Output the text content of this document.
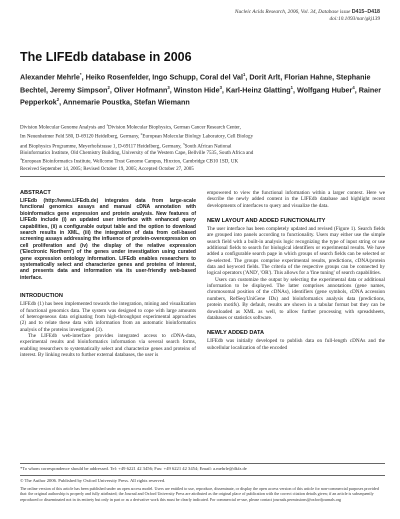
Nucleic Acids Research, 2006, Vol. 34, Database issue D415–D418
doi:10.1093/nar/gkj139
The LIFEdb database in 2006
Alexander Mehrle*, Heiko Rosenfelder, Ingo Schupp, Coral del Val$^1$, Dorit Arlt, Florian Hahne, Stephanie Bechtel, Jeremy Simpson$^2$, Oliver Hofmann$^3$, Winston Hide$^3$, Karl-Heinz Glatting$^1$, Wolfgang Huber$^4$, Rainer Pepperkok$^2$, Annemarie Poustka, Stefan Wiemann
Division Molecular Genome Analysis and $^1$Division Molecular Biophysics, German Cancer Research Center,
Im Neuenheimer Feld 580, D-69120 Heidelberg, Germany, $^2$European Molecular Biology Laboratory, Cell Biology
and Biophysics Programme, Meyerhofstrasse 1, D-69117 Heidelberg, Germany, $^3$South African National
Bioinformatics Institute, Old Chemistry Building, University of the Western Cape, Bellville 7535, South Africa and
$^4$European Bioinformatics Institute, Wellcome Trust Genome Campus, Hinxton, Cambridge CB10 1SD, UK
Received September 14, 2005; Revised October 19, 2005; Accepted October 27, 2005
ABSTRACT
LIFEdb (http://www.LIFEdb.de) integrates data from large-scale functional genomics assays and manual cDNA annotation with bioinformatics gene expression and protein analysis. New features of LIFEdb include (i) an updated user interface with enhanced query capabilities, (ii) a configurable output table and the option to download search results in XML, (iii) the integration of data from cell-based screening assays addressing the influence of protein-overexpression on cell proliferation and (iv) the display of the relative expression ('Electronic Northern') of the genes under investigation using curated gene expression ontology information. LIFEdb enables researchers to systematically select and characterize genes and proteins of interest, and presents data and information via its user-friendly web-based interface.
INTRODUCTION
LIFEdb (1) has been implemented towards the integration, mining and visualization of functional genomics data. The system was designed to cope with large amounts of heterogeneous data originating from high-throughput experimental approaches (2) and to relate these data with information from an automatic bioinformatics analysis of the proteins investigated (3).
The LIFEdb web-interface provides integrated access to cDNA-data, experimental results and bioinformatics information via several search forms, enabling researchers to systematically select and characterize genes and proteins of interest. By linking results to further external databases, the user is
empowered to view the functional information within a larger context. Here we describe the newly added content in the LIFEdb database and highlight recent developments of interfaces to query and visualize the data.
NEW LAYOUT AND ADDED FUNCTIONALITY
The user interface has been completely updated and revised (Figure 1). Search fields are grouped into panels according to functionality. Users may either use the simple search field with a built-in analysis logic recognizing the type of input string or use additional fields to search for biological identifiers or experimental results. We have added a configurable search page in which groups of search fields can be selected or de-selected. The groups comprise experimental results, predictions, cDNA/protein data and keyword fields. The criteria of the respective groups can be connected by logical operators ('AND', 'OR'). This allows for a 'fine tuning' of search capabilities.
Users can customize the output by selecting the experimental data or additional information to be displayed. The latter comprises annotations (gene names, chromosomal position of the cDNAs), identifiers (gene symbols, cDNA accession numbers, RefSeq/UniGene IDs) and bioinformatics analysis data (predictions, protein motifs). By default, results are shown in a tabular format but they can be downloaded as XML as well, to allow further processing with spreadsheets, databases or statistics software.
NEWLY ADDED DATA
LIFEdb was initially developed to publish data on full-length cDNAs and the subcellular localization of the encoded
*To whom correspondence should be addressed. Tel: +49 6221 42 3456; Fax: +49 6221 42 3454; Email: a.mehrle@dkfz.de
© The Author 2006. Published by Oxford University Press. All rights reserved.
The online version of this article has been published under an open access model. Users are entitled to use, reproduce, disseminate, or display the open access version of this article for non-commercial purposes provided that: the original authorship is properly and fully attributed; the Journal and Oxford University Press are attributed as the original place of publication with the correct citation details given; if an article is subsequently reproduced or disseminated not in its entirety but only in part or as a derivative work this must be clearly indicated. For commercial re-use, please contact journals.permissions@oxfordjournals.org
